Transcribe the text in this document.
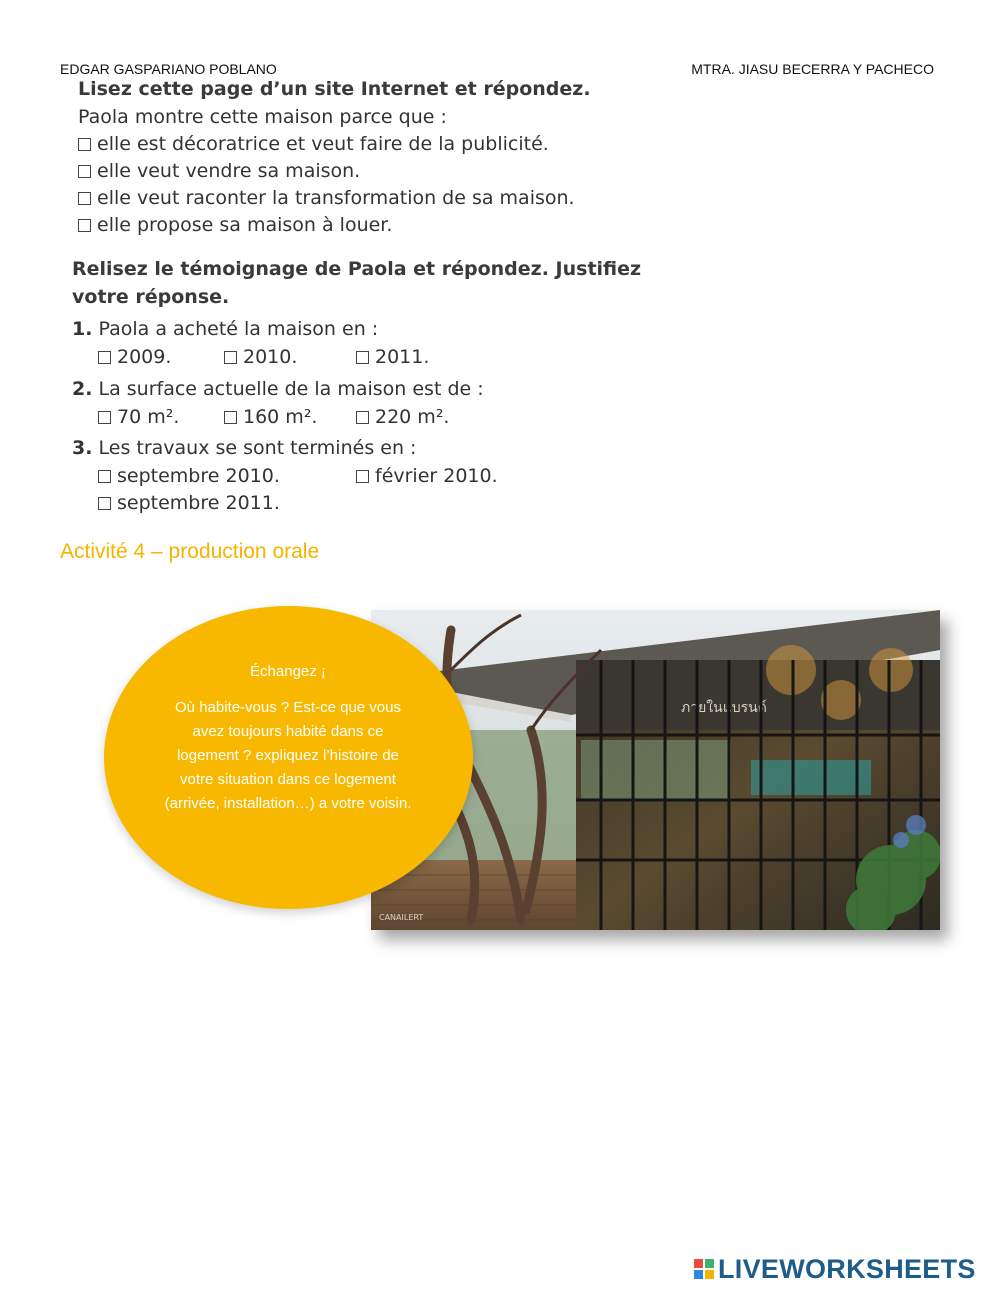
EDGAR GASPARIANO POBLANO	MTRA. JIASU BECERRA Y PACHECO
Lisez cette page d’un site Internet et répondez.
Paola montre cette maison parce que :
elle est décoratrice et veut faire de la publicité.
elle veut vendre sa maison.
elle veut raconter la transformation de sa maison.
elle propose sa maison à louer.
Relisez le témoignage de Paola et répondez. Justifiez
votre réponse.
1. Paola a acheté la maison en :
2009.	2010.	2011.
2. La surface actuelle de la maison est de :
70 m².	160 m².	220 m².
3. Les travaux se sont terminés en :
septembre 2010.	février 2010.
septembre 2011.
Activité 4 – production orale
ภายในแบรนด์
CANAILERT
Échangez ¡
Où habite-vous ? Est-ce que vous avez toujours habité dans ce logement ? expliquez l’histoire de votre situation dans ce logement (arrivée, installation…) a votre voisin.
LIVEWORKSHEETS
